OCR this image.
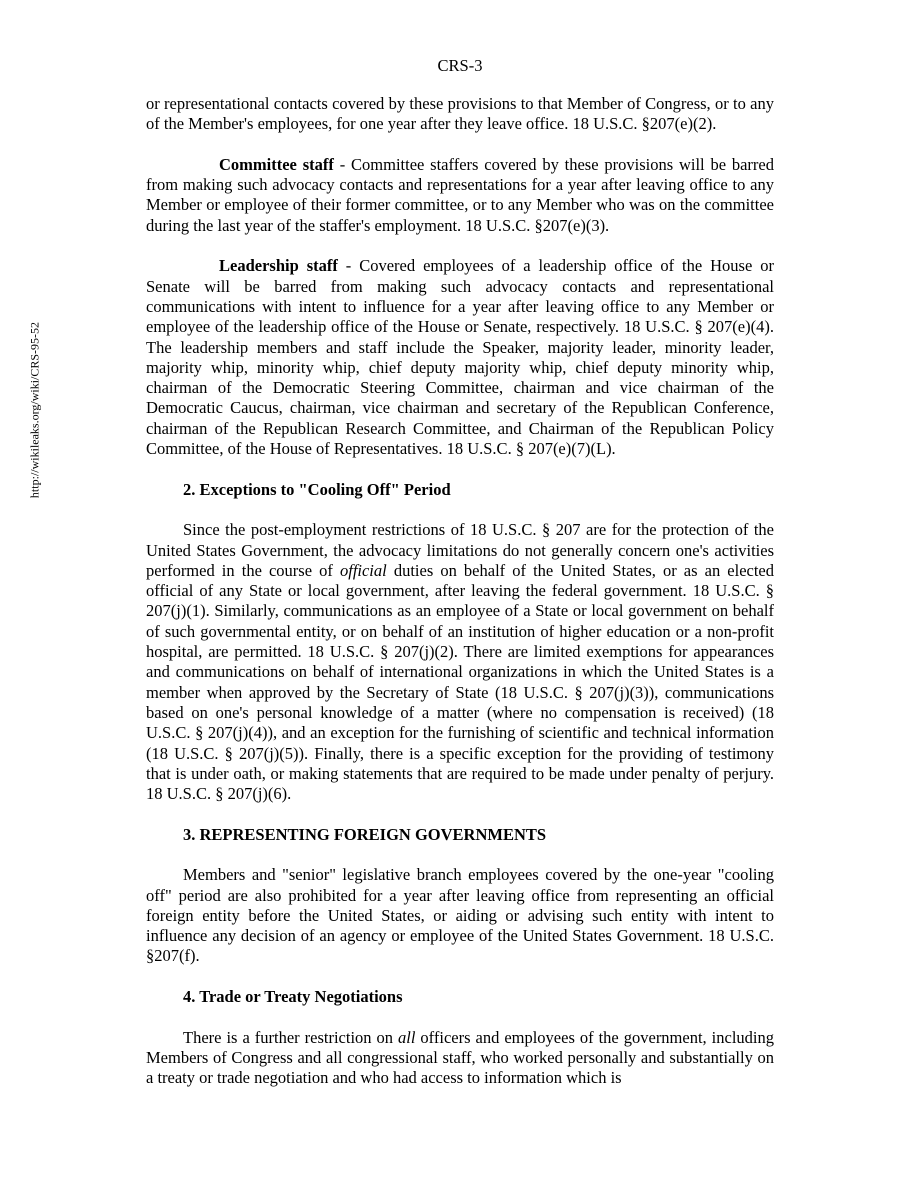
CRS-3
http://wikileaks.org/wiki/CRS-95-52

or representational contacts covered by these provisions to that Member of Congress, or to any of the Member's employees, for one year after they leave office. 18 U.S.C. §207(e)(2).

Committee staff - Committee staffers covered by these provisions will be barred from making such advocacy contacts and representations for a year after leaving office to any Member or employee of their former committee, or to any Member who was on the committee during the last year of the staffer's employment. 18 U.S.C. §207(e)(3).

Leadership staff - Covered employees of a leadership office of the House or Senate will be barred from making such advocacy contacts and representational communications with intent to influence for a year after leaving office to any Member or employee of the leadership office of the House or Senate, respectively. 18 U.S.C. § 207(e)(4). The leadership members and staff include the Speaker, majority leader, minority leader, majority whip, minority whip, chief deputy majority whip, chief deputy minority whip, chairman of the Democratic Steering Committee, chairman and vice chairman of the Democratic Caucus, chairman, vice chairman and secretary of the Republican Conference, chairman of the Republican Research Committee, and Chairman of the Republican Policy Committee, of the House of Representatives. 18 U.S.C. § 207(e)(7)(L).

2. Exceptions to "Cooling Off" Period

Since the post-employment restrictions of 18 U.S.C. § 207 are for the protection of the United States Government, the advocacy limitations do not generally concern one's activities performed in the course of official duties on behalf of the United States, or as an elected official of any State or local government, after leaving the federal government. 18 U.S.C. § 207(j)(1). Similarly, communications as an employee of a State or local government on behalf of such governmental entity, or on behalf of an institution of higher education or a non-profit hospital, are permitted. 18 U.S.C. § 207(j)(2). There are limited exemptions for appearances and communications on behalf of international organizations in which the United States is a member when approved by the Secretary of State (18 U.S.C. § 207(j)(3)), communications based on one's personal knowledge of a matter (where no compensation is received) (18 U.S.C. § 207(j)(4)), and an exception for the furnishing of scientific and technical information (18 U.S.C. § 207(j)(5)). Finally, there is a specific exception for the providing of testimony that is under oath, or making statements that are required to be made under penalty of perjury. 18 U.S.C. § 207(j)(6).

3. REPRESENTING FOREIGN GOVERNMENTS

Members and "senior" legislative branch employees covered by the one-year "cooling off" period are also prohibited for a year after leaving office from representing an official foreign entity before the United States, or aiding or advising such entity with intent to influence any decision of an agency or employee of the United States Government. 18 U.S.C. §207(f).

4. Trade or Treaty Negotiations

There is a further restriction on all officers and employees of the government, including Members of Congress and all congressional staff, who worked personally and substantially on a treaty or trade negotiation and who had access to information which is
